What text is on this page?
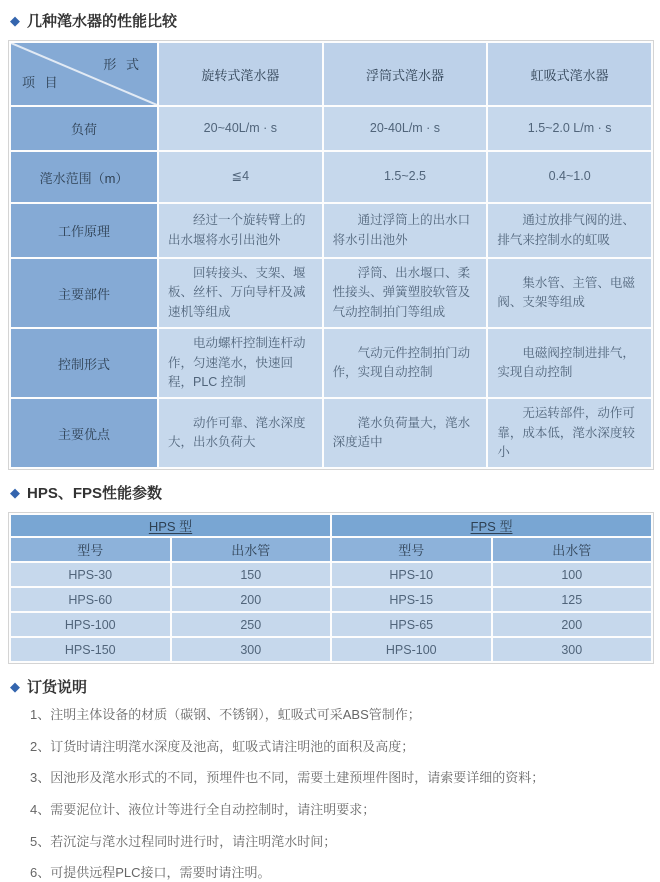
◆ 几种滗水器的性能比较
形 式
项 目	旋转式滗水器	浮筒式滗水器	虹吸式滗水器
负荷	20~40L/m · s	20-40L/m · s	1.5~2.0 L/m · s
滗水范围（m）	≦4	1.5~2.5	0.4~1.0
工作原理	经过一个旋转臂上的出水堰将水引出池外	通过浮筒上的出水口将水引出池外	通过放排气阀的进、排气来控制水的虹吸
主要部件	回转接头、支架、堰板、丝杆、万向导杆及减速机等组成	浮筒、出水堰口、柔性接头、弹簧塑胶软管及气动控制拍门等组成	集水管、主管、电磁阀、支架等组成
控制形式	电动螺杆控制连杆动作，匀速滗水，快速回程，PLC 控制	气动元件控制拍门动作，实现自动控制	电磁阀控制进排气，实现自动控制
主要优点	动作可靠、滗水深度大，出水负荷大	滗水负荷量大，滗水深度适中	无运转部件，动作可靠，成本低，滗水深度较小
◆ HPS、FPS性能参数
HPS 型		FPS 型	
型号	出水管	型号	出水管
HPS-30	150	HPS-10	100
HPS-60	200	HPS-15	125
HPS-100	250	HPS-65	200
HPS-150	300	HPS-100	300
◆ 订货说明
1、注明主体设备的材质（碳钢、不锈钢），虹吸式可采ABS管制作；
2、订货时请注明滗水深度及池高，虹吸式请注明池的面积及高度；
3、因池形及滗水形式的不同，预埋件也不同，需要土建预埋件图时，请索要详细的资料；
4、需要泥位计、液位计等进行全自动控制时，请注明要求；
5、若沉淀与滗水过程同时进行时，请注明滗水时间；
6、可提供远程PLC接口，需要时请注明。
